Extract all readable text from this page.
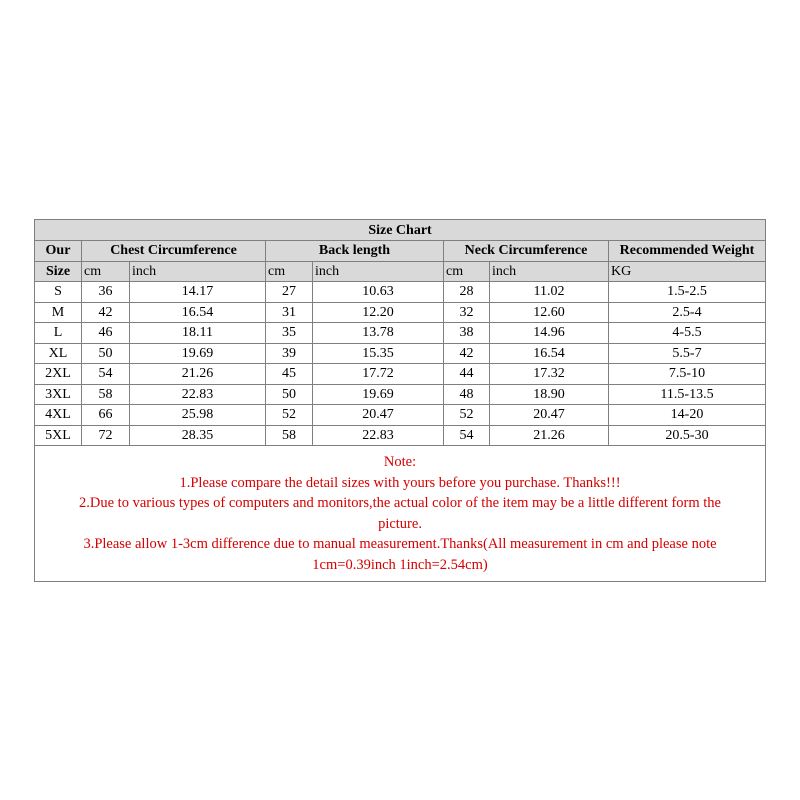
Size Chart							
Our	Chest Circumference		Back length		Neck Circumference		Recommended Weight
Size	cm	inch	cm	inch	cm	inch	KG
S	36	14.17	27	10.63	28	11.02	1.5-2.5
M	42	16.54	31	12.20	32	12.60	2.5-4
L	46	18.11	35	13.78	38	14.96	4-5.5
XL	50	19.69	39	15.35	42	16.54	5.5-7
2XL	54	21.26	45	17.72	44	17.32	7.5-10
3XL	58	22.83	50	19.69	48	18.90	11.5-13.5
4XL	66	25.98	52	20.47	52	20.47	14-20
5XL	72	28.35	58	22.83	54	21.26	20.5-30

Note:
1.Please compare the detail sizes with yours before you purchase. Thanks!!!
2.Due to various types of computers and monitors,the actual color of the item may be a little different form the picture.
3.Please allow 1-3cm difference due to manual measurement.Thanks(All measurement in cm and please note 1cm=0.39inch 1inch=2.54cm)							
